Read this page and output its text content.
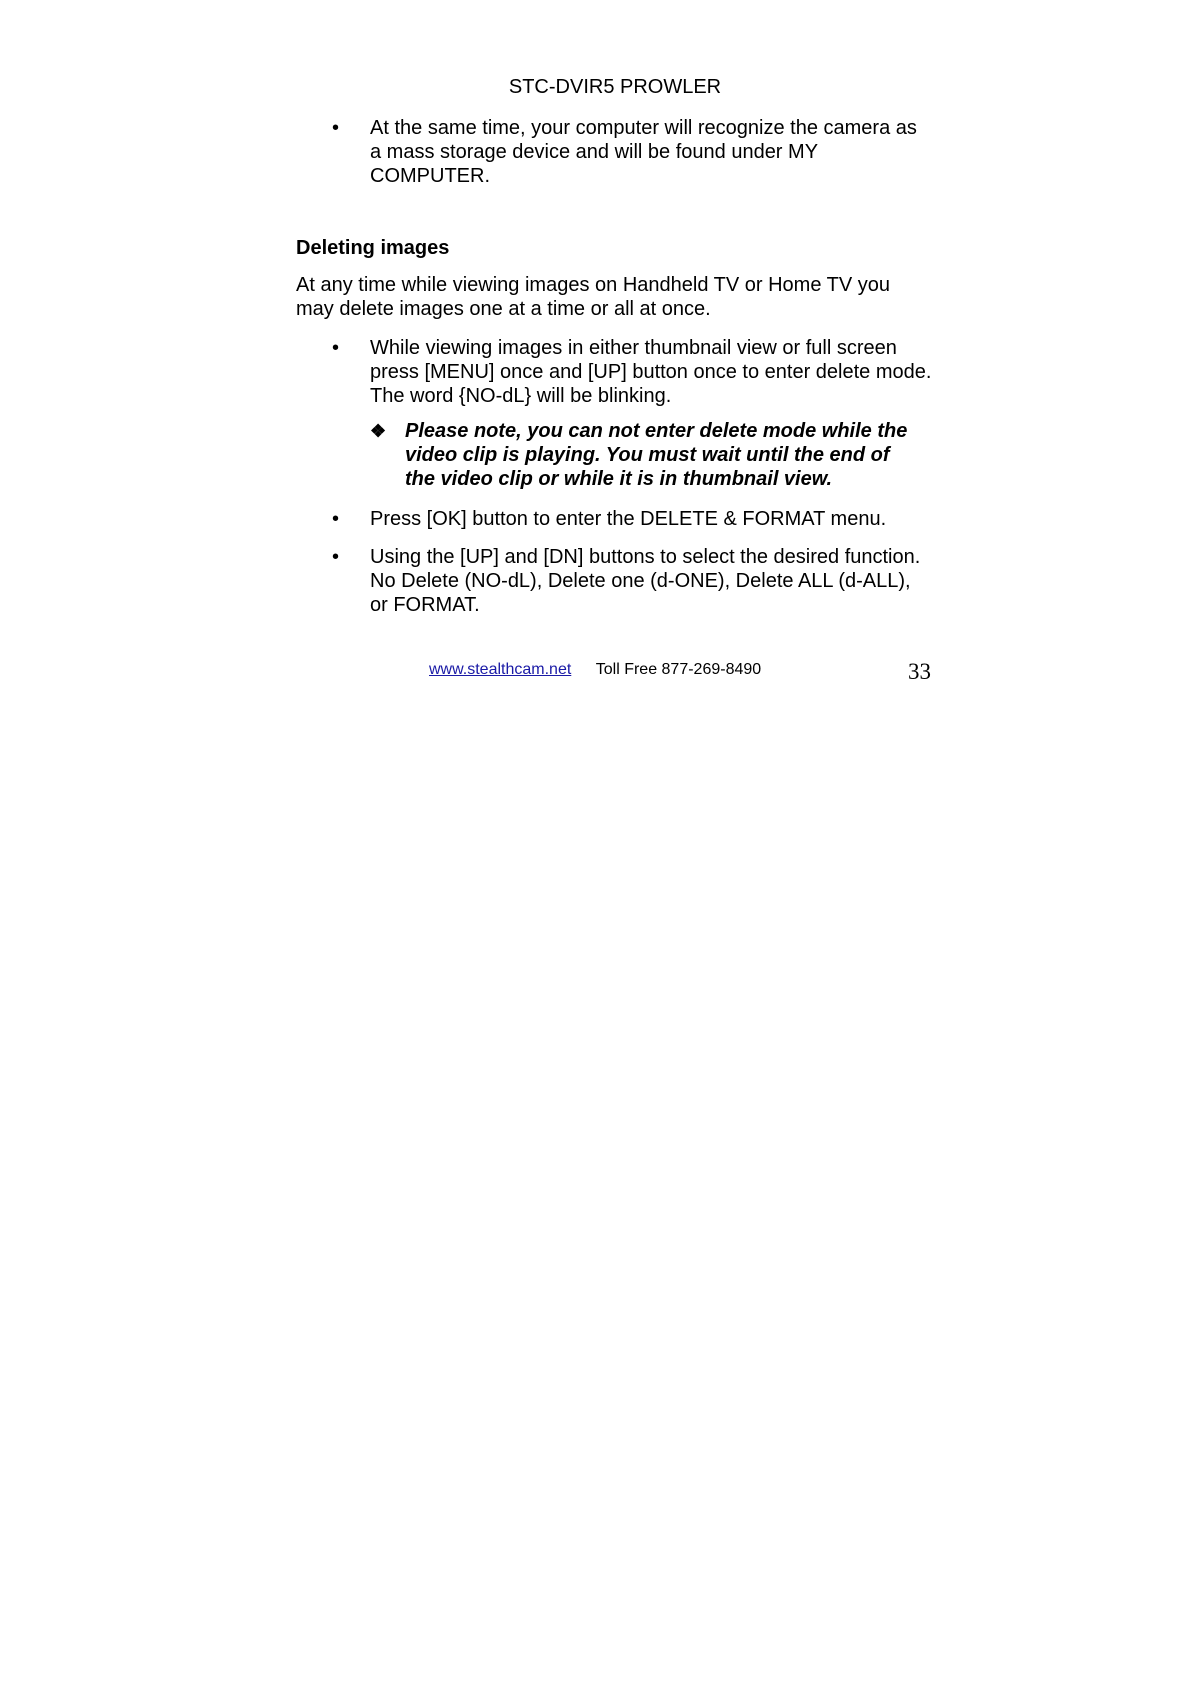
STC-DVIR5 PROWLER
• At the same time, your computer will recognize the camera as

a mass storage device and will be found under MY

COMPUTER.

Deleting images

At any time while viewing images on Handheld TV or Home TV you

may delete images one at a time or all at once.

• While viewing images in either thumbnail view or full screen

press [MENU] once and [UP] button once to enter delete mode.

The word {NO-dL} will be blinking.

❖ Please note, you can not enter delete mode while the

video clip is playing. You must wait until the end of

the video clip or while it is in thumbnail view.

• Press [OK] button to enter the DELETE & FORMAT menu.

• Using the [UP] and [DN] buttons to select the desired function.

No Delete (NO-dL), Delete one (d-ONE), Delete ALL (d-ALL),

or FORMAT.

www.stealthcam.net Toll Free 877-269-8490	33
